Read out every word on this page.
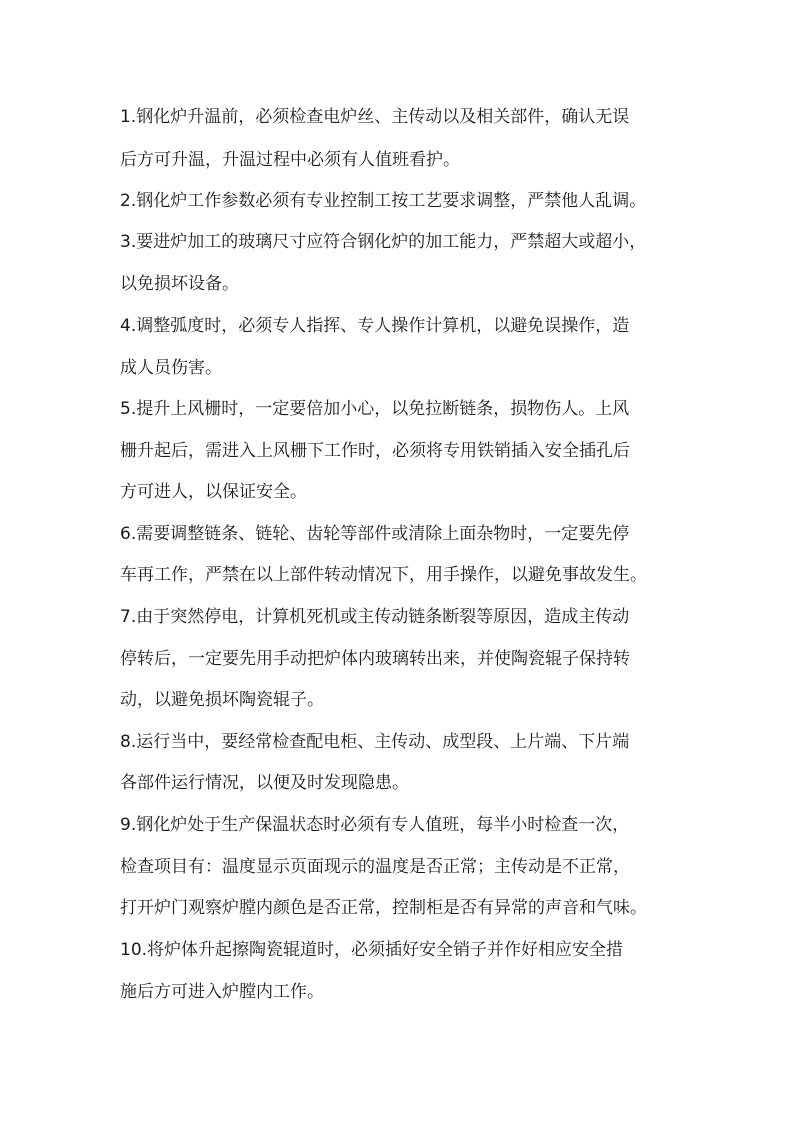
1.钢化炉升温前，必须检查电炉丝、主传动以及相关部件，确认无误

后方可升温，升温过程中必须有人值班看护。

2.钢化炉工作参数必须有专业控制工按工艺要求调整，严禁他人乱调。

3.要进炉加工的玻璃尺寸应符合钢化炉的加工能力，严禁超大或超小，

以免损坏设备。

4.调整弧度时，必须专人指挥、专人操作计算机，以避免误操作，造

成人员伤害。

5.提升上风栅时，一定要倍加小心，以免拉断链条，损物伤人。上风

栅升起后，需进入上风栅下工作时，必须将专用铁销插入安全插孔后

方可进人，以保证安全。

6.需要调整链条、链轮、齿轮等部件或清除上面杂物时，一定要先停

车再工作，严禁在以上部件转动情况下，用手操作，以避免事故发生。

7.由于突然停电，计算机死机或主传动链条断裂等原因，造成主传动

停转后，一定要先用手动把炉体内玻璃转出来，并使陶瓷辊子保持转

动，以避免损坏陶瓷辊子。

8.运行当中，要经常检查配电柜、主传动、成型段、上片端、下片端

各部件运行情况，以便及时发现隐患。

9.钢化炉处于生产保温状态时必须有专人值班，每半小时检查一次，

检查项目有：温度显示页面现示的温度是否正常；主传动是不正常，

打开炉门观察炉膛内颜色是否正常，控制柜是否有异常的声音和气味。

10.将炉体升起擦陶瓷辊道时，必须插好安全销子并作好相应安全措

施后方可进入炉膛内工作。
